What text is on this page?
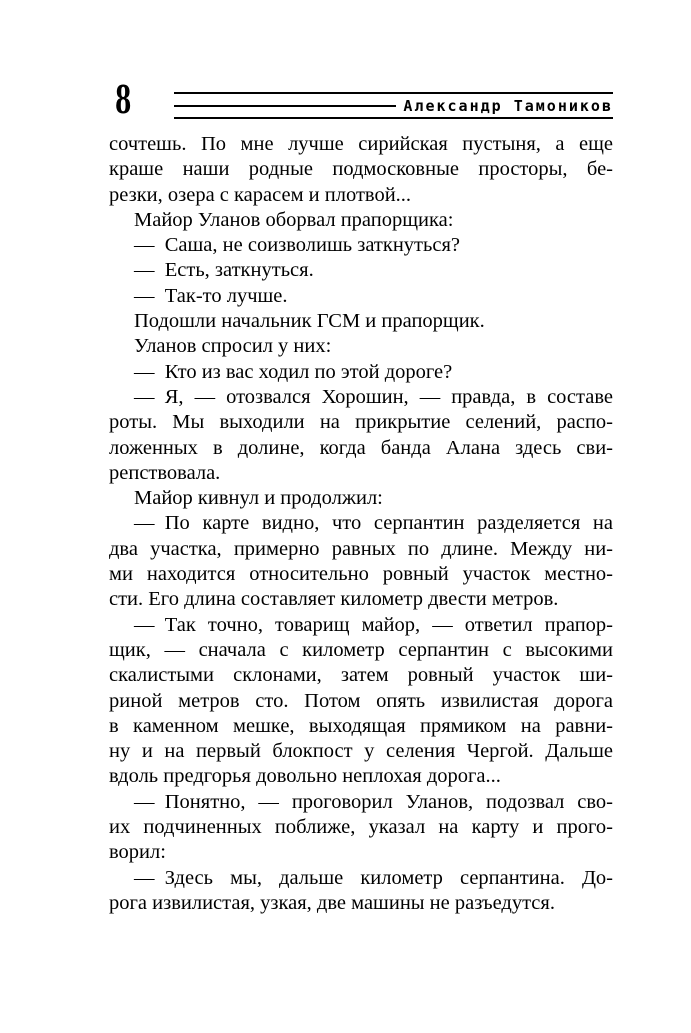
8	Александр Тамоников
сочтешь. По мне лучше сирийская пустыня, а еще
краше наши родные подмосковные просторы, бе-
резки, озера с карасем и плотвой...
Майор Уланов оборвал прапорщика:
— Саша, не соизволишь заткнуться?
— Есть, заткнуться.
— Так-то лучше.
Подошли начальник ГСМ и прапорщик.
Уланов спросил у них:
— Кто из вас ходил по этой дороге?
— Я, — отозвался Хорошин, — правда, в составе
роты. Мы выходили на прикрытие селений, распо-
ложенных в долине, когда банда Алана здесь сви-
репствовала.
Майор кивнул и продолжил:
— По карте видно, что серпантин разделяется на
два участка, примерно равных по длине. Между ни-
ми находится относительно ровный участок местно-
сти. Его длина составляет километр двести метров.
— Так точно, товарищ майор, — ответил прапор-
щик, — сначала с километр серпантин с высокими
скалистыми склонами, затем ровный участок ши-
риной метров сто. Потом опять извилистая дорога
в каменном мешке, выходящая прямиком на равни-
ну и на первый блокпост у селения Чергой. Дальше
вдоль предгорья довольно неплохая дорога...
— Понятно, — проговорил Уланов, подозвал сво-
их подчиненных поближе, указал на карту и прого-
ворил:
— Здесь мы, дальше километр серпантина. До-
рога извилистая, узкая, две машины не разъедутся.
